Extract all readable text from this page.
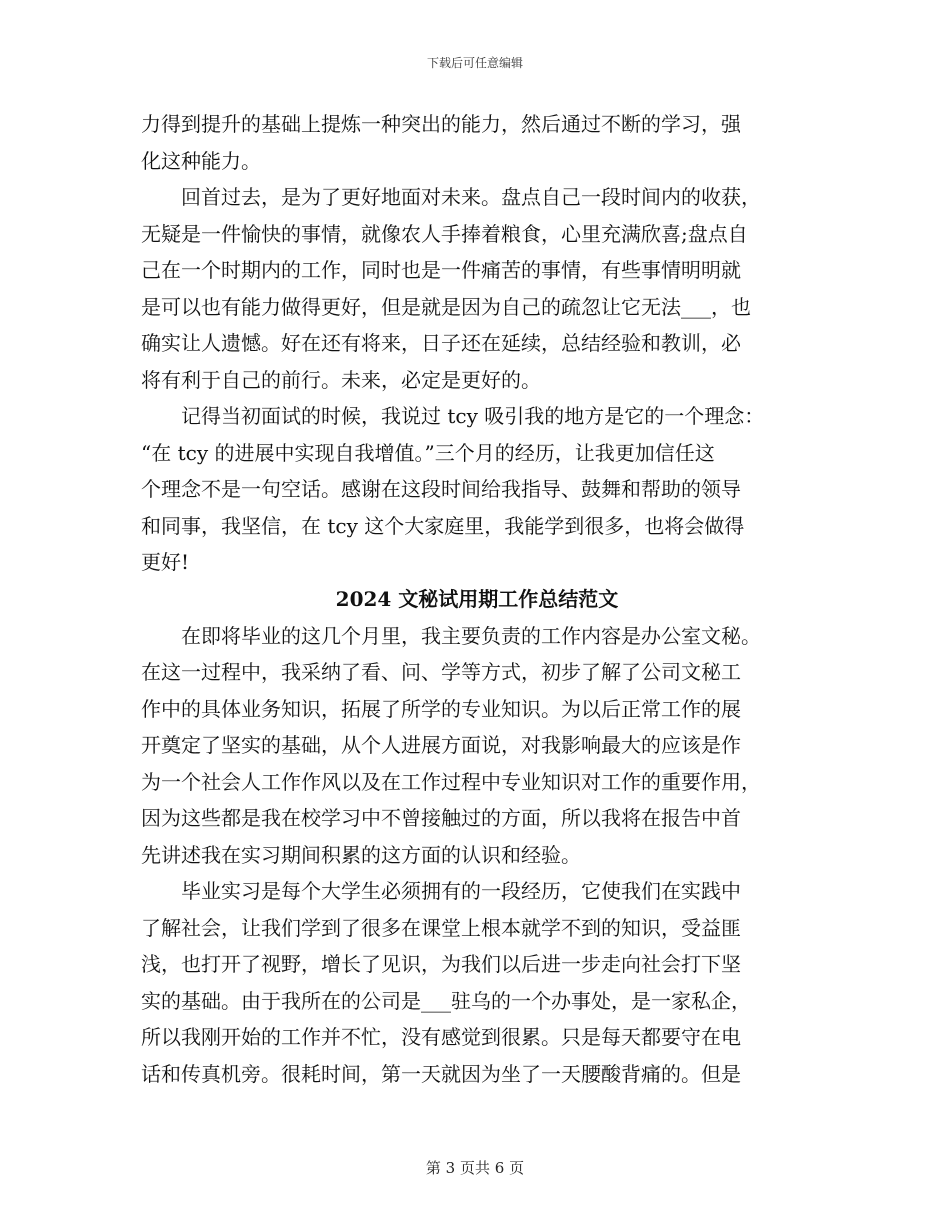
下载后可任意编辑

力得到提升的基础上提炼一种突出的能力，然后通过不断的学习，强
化这种能力。

　　回首过去，是为了更好地面对未来。盘点自己一段时间内的收获，
无疑是一件愉快的事情，就像农人手捧着粮食，心里充满欣喜;盘点自
己在一个时期内的工作，同时也是一件痛苦的事情，有些事情明明就
是可以也有能力做得更好，但是就是因为自己的疏忽让它无法___，也
确实让人遗憾。好在还有将来，日子还在延续，总结经验和教训，必
将有利于自己的前行。未来，必定是更好的。

　　记得当初面试的时候，我说过 tcy 吸引我的地方是它的一个理念：
“在 tcy 的进展中实现自我增值。”三个月的经历，让我更加信任这
个理念不是一句空话。感谢在这段时间给我指导、鼓舞和帮助的领导
和同事，我坚信，在 tcy 这个大家庭里，我能学到很多，也将会做得
更好!

2024 文秘试用期工作总结范文

　　在即将毕业的这几个月里，我主要负责的工作内容是办公室文秘。
在这一过程中，我采纳了看、问、学等方式，初步了解了公司文秘工
作中的具体业务知识，拓展了所学的专业知识。为以后正常工作的展
开奠定了坚实的基础，从个人进展方面说，对我影响最大的应该是作
为一个社会人工作作风以及在工作过程中专业知识对工作的重要作用，
因为这些都是我在校学习中不曾接触过的方面，所以我将在报告中首
先讲述我在实习期间积累的这方面的认识和经验。

　　毕业实习是每个大学生必须拥有的一段经历，它使我们在实践中
了解社会，让我们学到了很多在课堂上根本就学不到的知识，受益匪
浅，也打开了视野，增长了见识，为我们以后进一步走向社会打下坚
实的基础。由于我所在的公司是___驻乌的一个办事处，是一家私企，
所以我刚开始的工作并不忙，没有感觉到很累。只是每天都要守在电
话和传真机旁。很耗时间，第一天就因为坐了一天腰酸背痛的。但是

第 3 页共 6 页
